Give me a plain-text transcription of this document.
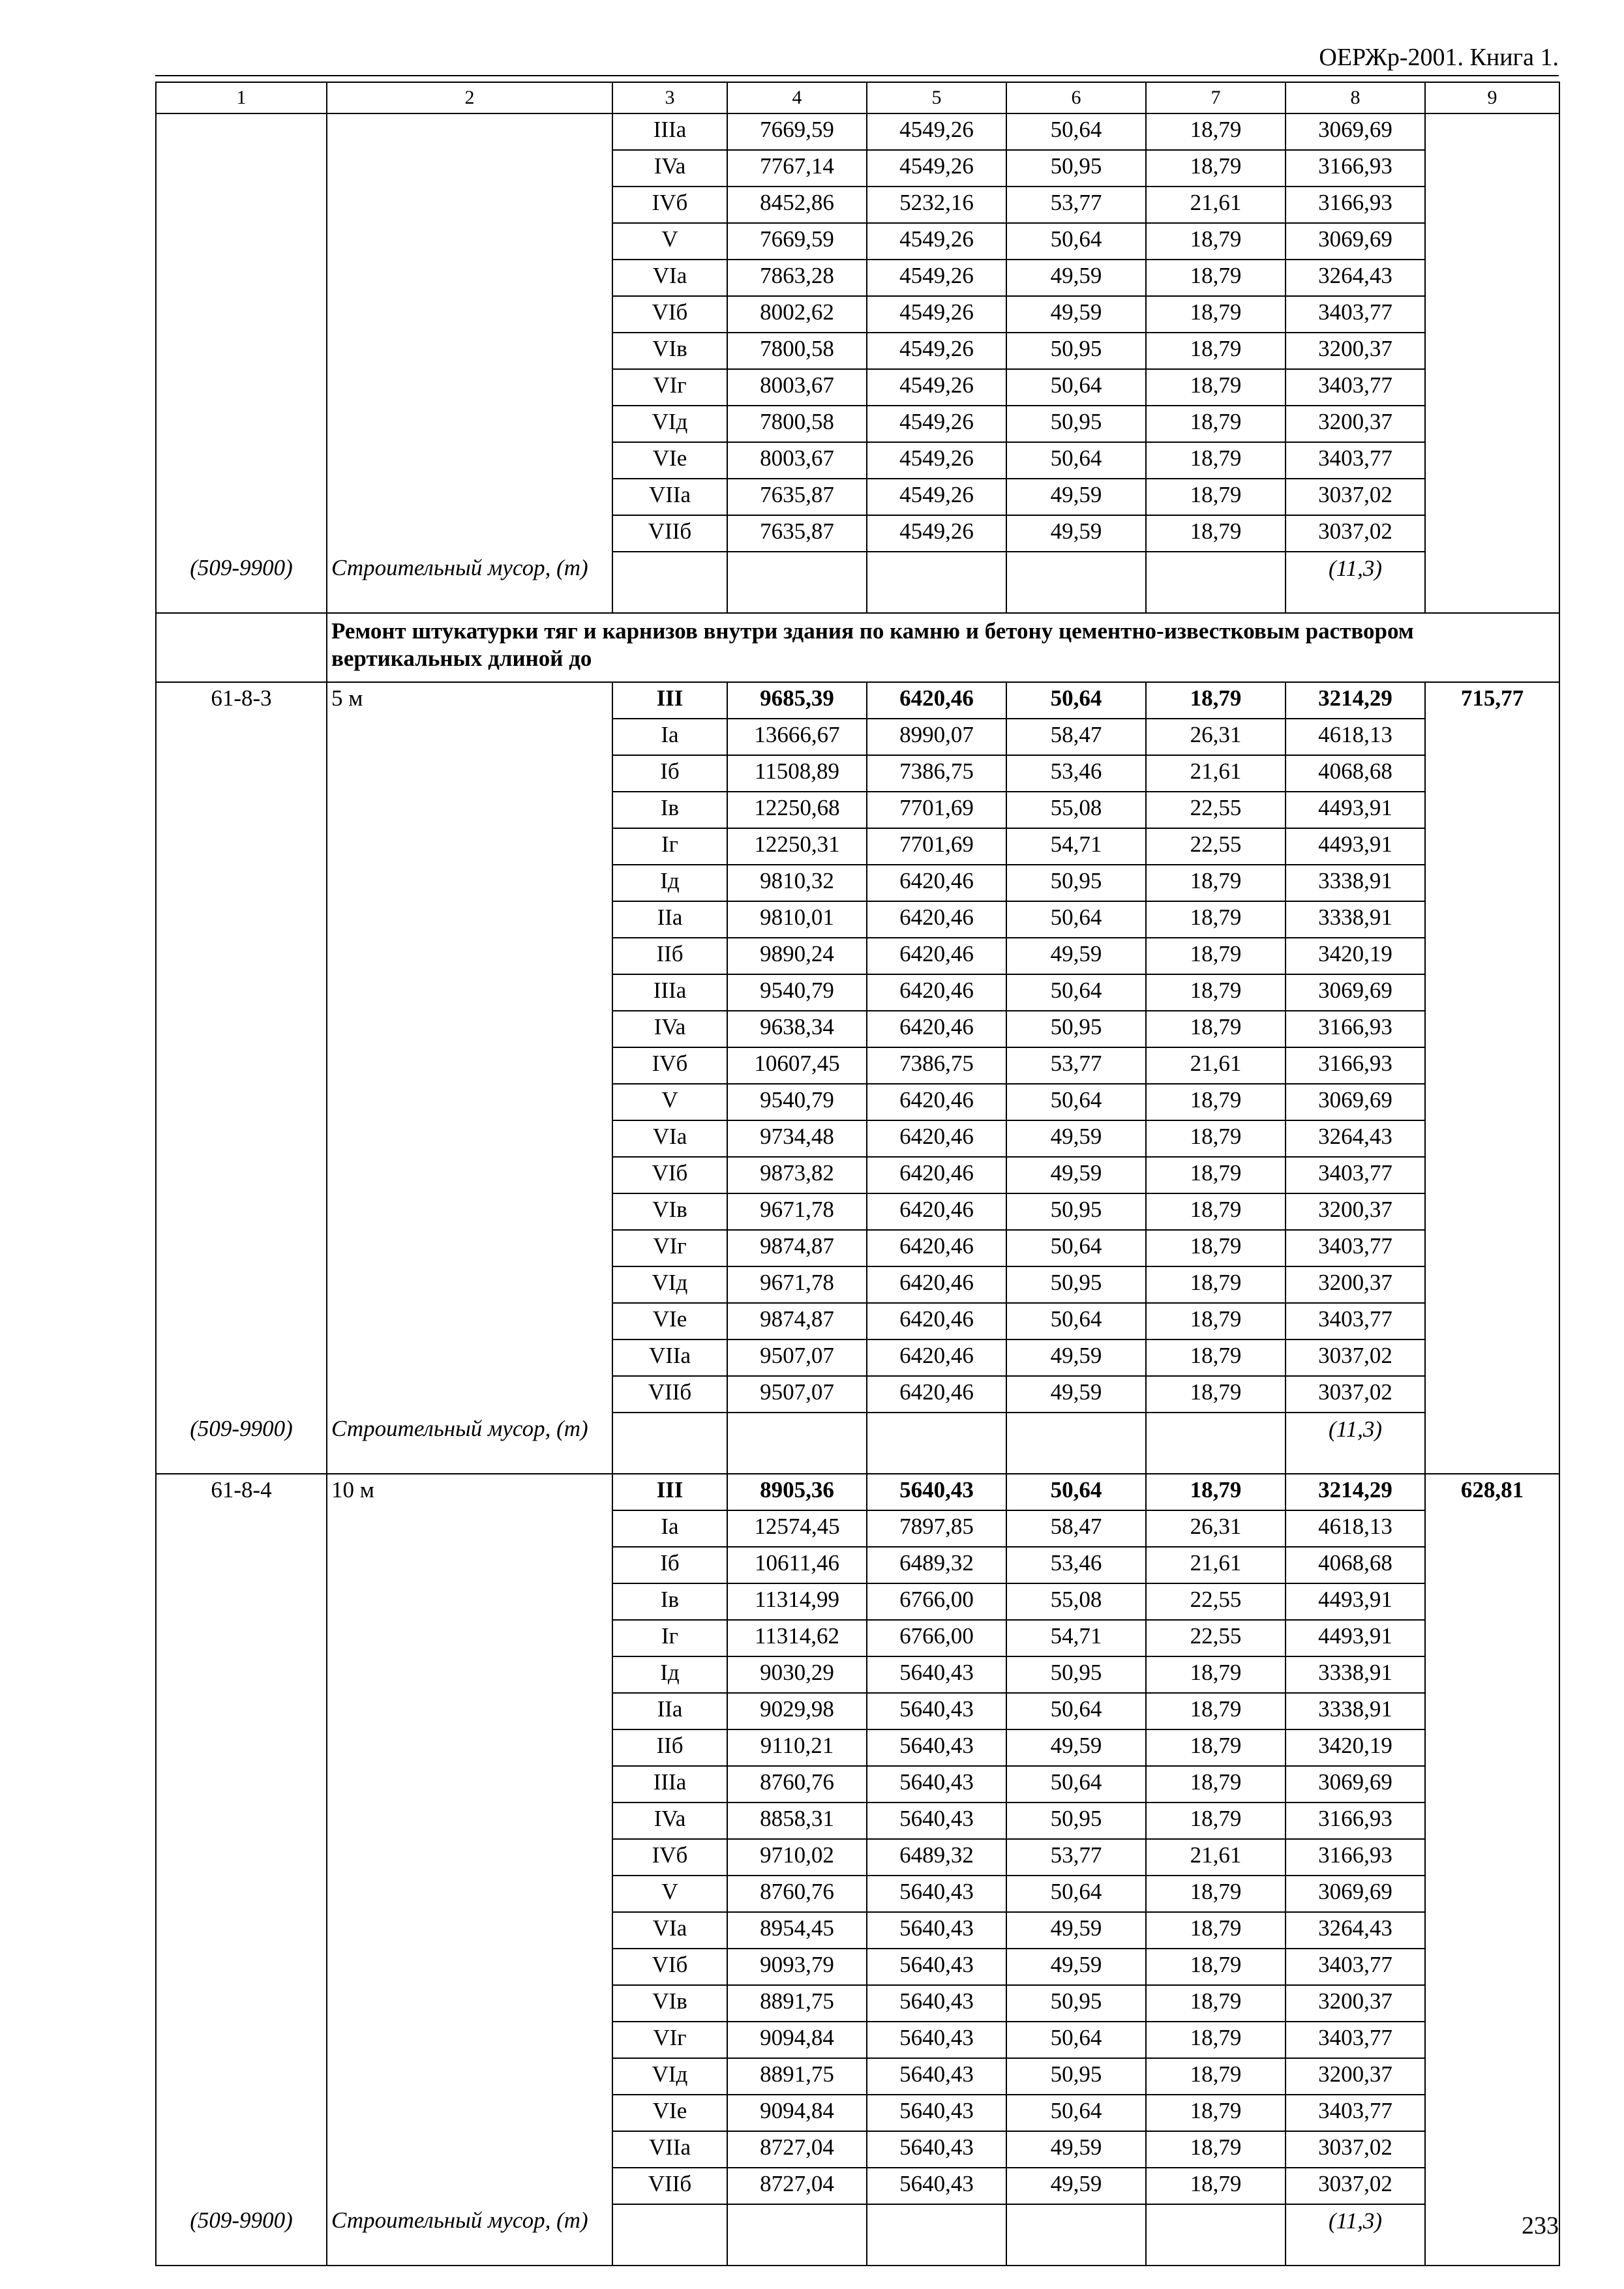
ОЕРЖр-2001. Книга 1.
1	2	3	4	5	6	7	8	9
		IIIa	7669,59	4549,26	50,64	18,79	3069,69	
		IVa	7767,14	4549,26	50,95	18,79	3166,93	
		IVб	8452,86	5232,16	53,77	21,61	3166,93	
		V	7669,59	4549,26	50,64	18,79	3069,69	
		VIa	7863,28	4549,26	49,59	18,79	3264,43	
		VIб	8002,62	4549,26	49,59	18,79	3403,77	
		VIв	7800,58	4549,26	50,95	18,79	3200,37	
		VIг	8003,67	4549,26	50,64	18,79	3403,77	
		VIд	7800,58	4549,26	50,95	18,79	3200,37	
		VIe	8003,67	4549,26	50,64	18,79	3403,77	
		VIIa	7635,87	4549,26	49,59	18,79	3037,02	
		VIIб	7635,87	4549,26	49,59	18,79	3037,02	
(509-9900)	Строительный мусор, (т)						(11,3)	
	Ремонт штукатурки тяг и карнизов внутри здания по камню и бетону цементно-известковым раствором вертикальных длиной до							
61-8-3	5 м	III	9685,39	6420,46	50,64	18,79	3214,29	715,77
		Ia	13666,67	8990,07	58,47	26,31	4618,13	
		Iб	11508,89	7386,75	53,46	21,61	4068,68	
		Iв	12250,68	7701,69	55,08	22,55	4493,91	
		Iг	12250,31	7701,69	54,71	22,55	4493,91	
		Iд	9810,32	6420,46	50,95	18,79	3338,91	
		IIa	9810,01	6420,46	50,64	18,79	3338,91	
		IIб	9890,24	6420,46	49,59	18,79	3420,19	
		IIIa	9540,79	6420,46	50,64	18,79	3069,69	
		IVa	9638,34	6420,46	50,95	18,79	3166,93	
		IVб	10607,45	7386,75	53,77	21,61	3166,93	
		V	9540,79	6420,46	50,64	18,79	3069,69	
		VIa	9734,48	6420,46	49,59	18,79	3264,43	
		VIб	9873,82	6420,46	49,59	18,79	3403,77	
		VIв	9671,78	6420,46	50,95	18,79	3200,37	
		VIг	9874,87	6420,46	50,64	18,79	3403,77	
		VIд	9671,78	6420,46	50,95	18,79	3200,37	
		VIe	9874,87	6420,46	50,64	18,79	3403,77	
		VIIa	9507,07	6420,46	49,59	18,79	3037,02	
		VIIб	9507,07	6420,46	49,59	18,79	3037,02	
(509-9900)	Строительный мусор, (т)						(11,3)	
61-8-4	10 м	III	8905,36	5640,43	50,64	18,79	3214,29	628,81
		Ia	12574,45	7897,85	58,47	26,31	4618,13	
		Iб	10611,46	6489,32	53,46	21,61	4068,68	
		Iв	11314,99	6766,00	55,08	22,55	4493,91	
		Iг	11314,62	6766,00	54,71	22,55	4493,91	
		Iд	9030,29	5640,43	50,95	18,79	3338,91	
		IIa	9029,98	5640,43	50,64	18,79	3338,91	
		IIб	9110,21	5640,43	49,59	18,79	3420,19	
		IIIa	8760,76	5640,43	50,64	18,79	3069,69	
		IVa	8858,31	5640,43	50,95	18,79	3166,93	
		IVб	9710,02	6489,32	53,77	21,61	3166,93	
		V	8760,76	5640,43	50,64	18,79	3069,69	
		VIa	8954,45	5640,43	49,59	18,79	3264,43	
		VIб	9093,79	5640,43	49,59	18,79	3403,77	
		VIв	8891,75	5640,43	50,95	18,79	3200,37	
		VIг	9094,84	5640,43	50,64	18,79	3403,77	
		VIд	8891,75	5640,43	50,95	18,79	3200,37	
		VIe	9094,84	5640,43	50,64	18,79	3403,77	
		VIIa	8727,04	5640,43	49,59	18,79	3037,02	
		VIIб	8727,04	5640,43	49,59	18,79	3037,02	
(509-9900)	Строительный мусор, (т)						(11,3)		233
